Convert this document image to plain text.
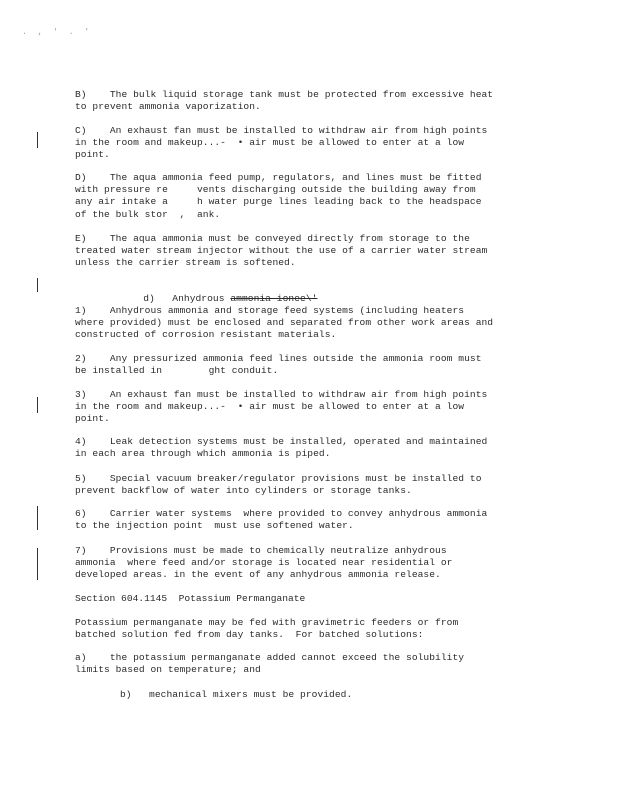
. , ' . '
B)    The bulk liquid storage tank must be protected from excessive heat
to prevent ammonia vaporization.
C)    An exhaust fan must be installed to withdraw air from high points
in the room and makeup...-  • air must be allowed to enter at a low
point.
D)    The aqua ammonia feed pump, regulators, and lines must be fitted
with pressure re     vents discharging outside the building away from
any air intake a     h water purge lines leading back to the headspace
of the bulk stor  ,  ank.
E)    The aqua ammonia must be conveyed directly from storage to the
treated water stream injector without the use of a carrier water stream
unless the carrier stream is softened.

d)   Anhydrous ammonia ionee\'

1)    Anhydrous ammonia and storage feed systems (including heaters
where provided) must be enclosed and separated from other work areas and
constructed of corrosion resistant materials.
2)    Any pressurized ammonia feed lines outside the ammonia room must
be installed in        ght conduit.
3)    An exhaust fan must be installed to withdraw air from high points
in the room and makeup...-  • air must be allowed to enter at a low
point.
4)    Leak detection systems must be installed, operated and maintained
in each area through which ammonia is piped.
5)    Special vacuum breaker/regulator provisions must be installed to
prevent backflow of water into cylinders or storage tanks.
6)    Carrier water systems  where provided to convey anhydrous ammonia
to the injection point  must use softened water.
7)    Provisions must be made to chemically neutralize anhydrous
ammonia  where feed and/or storage is located near residential or
developed areas. in the event of any anhydrous ammonia release.
Section 604.1145  Potassium Permanganate
Potassium permanganate may be fed with gravimetric feeders or from
batched solution fed from day tanks.  For batched solutions:
a)    the potassium permanganate added cannot exceed the solubility
limits based on temperature; and
b)   mechanical mixers must be provided.
